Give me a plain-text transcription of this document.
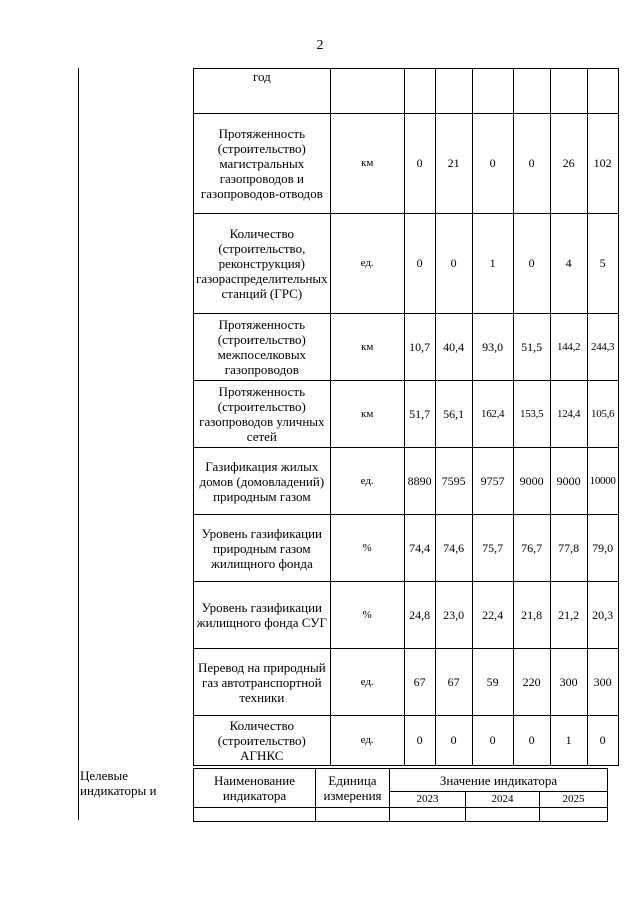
2
год							
Протяженность (строительство) магистральных газопроводов и газопроводов-отводов	км	0	21	0	0	26	102
Количество (строительство, реконструкция) газораспределительных станций (ГРС)	ед.	0	0	1	0	4	5
Протяженность (строительство) межпоселковых газопроводов	км	10,7	40,4	93,0	51,5	144,2	244,3
Протяженность (строительство) газопроводов уличных сетей	км	51,7	56,1	162,4	153,5	124,4	105,6
Газификация жилых домов (домовладений) природным газом	ед.	8890	7595	9757	9000	9000	10000
Уровень газификации природным газом жилищного фонда	%	74,4	74,6	75,7	76,7	77,8	79,0
Уровень газификации жилищного фонда СУГ	%	24,8	23,0	22,4	21,8	21,2	20,3
Перевод на природный газ автотранспортной техники	ед.	67	67	59	220	300	300
Количество (строительство) АГНКС	ед.	0	0	0	0	1	0
Целевые индикаторы и
Наименование индикатора	Единица измерения	Значение индикатора		
		2023	2024	2025
